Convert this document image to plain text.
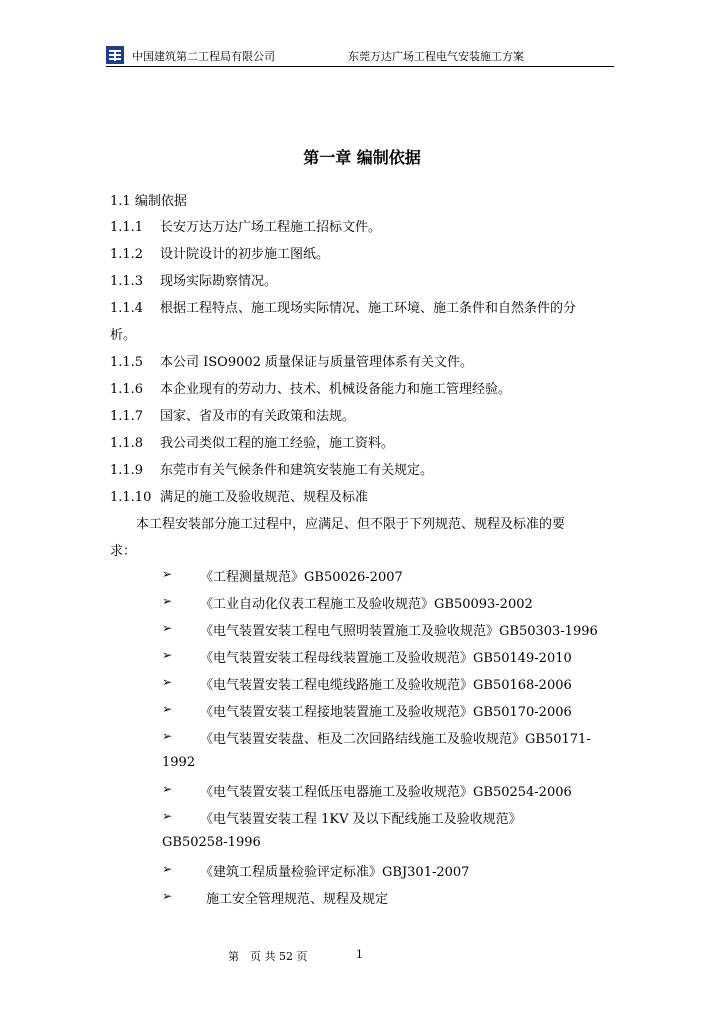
中国建筑第二工程局有限公司	东莞万达广场工程电气安装施工方案
第一章 编制依据
1.1 编制依据
1.1.1 长安万达万达广场工程施工招标文件。
1.1.2 设计院设计的初步施工图纸。
1.1.3 现场实际勘察情况。
1.1.4 根据工程特点、施工现场实际情况、施工环境、施工条件和自然条件的分
析。
1.1.5 本公司 ISO9002 质量保证与质量管理体系有关文件。
1.1.6 本企业现有的劳动力、技术、机械设备能力和施工管理经验。
1.1.7 国家、省及市的有关政策和法规。
1.1.8 我公司类似工程的施工经验，施工资料。
1.1.9 东莞市有关气候条件和建筑安装施工有关规定。
1.1.10 满足的施工及验收规范、规程及标准
本工程安装部分施工过程中，应满足、但不限于下列规范、规程及标准的要
求：
➢ 《工程测量规范》GB50026-2007
➢ 《工业自动化仪表工程施工及验收规范》GB50093-2002
➢ 《电气装置安装工程电气照明装置施工及验收规范》GB50303-1996
➢ 《电气装置安装工程母线装置施工及验收规范》GB50149-2010
➢ 《电气装置安装工程电缆线路施工及验收规范》GB50168-2006
➢ 《电气装置安装工程接地装置施工及验收规范》GB50170-2006
➢ 《电气装置安装盘、柜及二次回路结线施工及验收规范》GB50171-
1992
➢ 《电气装置安装工程低压电器施工及验收规范》GB50254-2006
➢ 《电气装置安装工程 1KV 及以下配线施工及验收规范》
GB50258-1996
➢ 《建筑工程质量检验评定标准》GBJ301-2007
➢	施工安全管理规范、规程及规定
第　页 共 52 页	1
